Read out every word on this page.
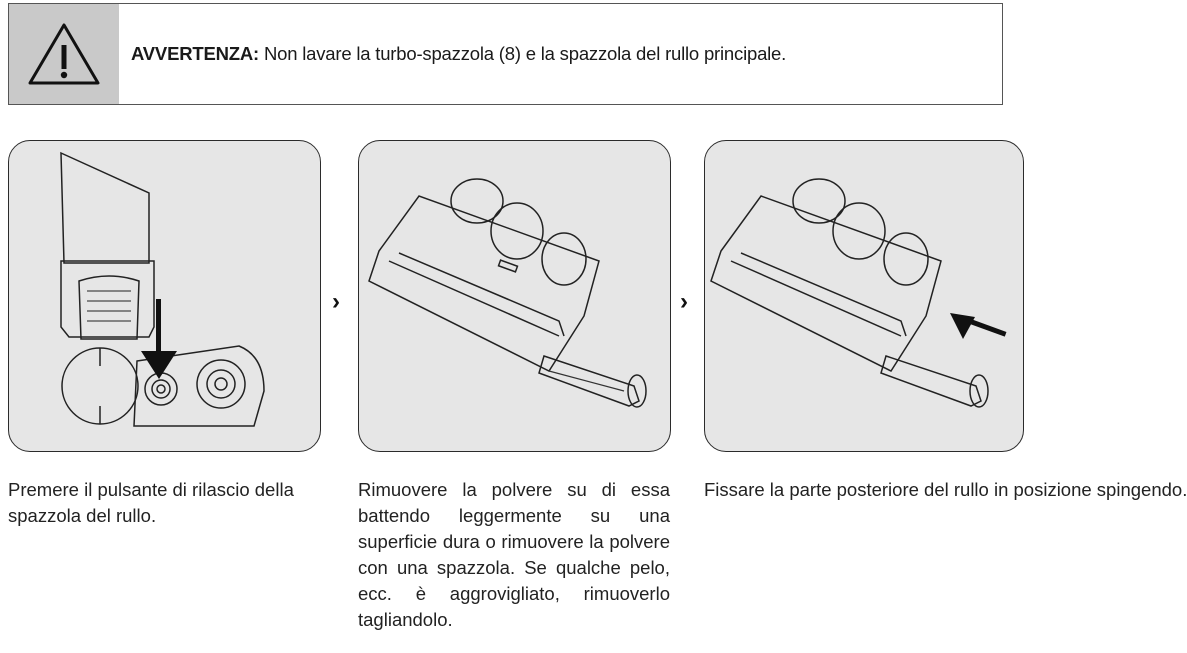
AVVERTENZA: Non lavare la turbo-spazzola (8) e la spazzola del rullo principale.
›	›
Premere il pulsante di rilascio della spazzola del rullo.
Rimuovere la polvere su di essa battendo leggermente su una superficie dura o rimuovere la polvere con una spazzola. Se qualche pelo, ecc. è aggrovigliato, rimuoverlo tagliandolo.
Fissare la parte posteriore del rullo in posizione spingendo.
